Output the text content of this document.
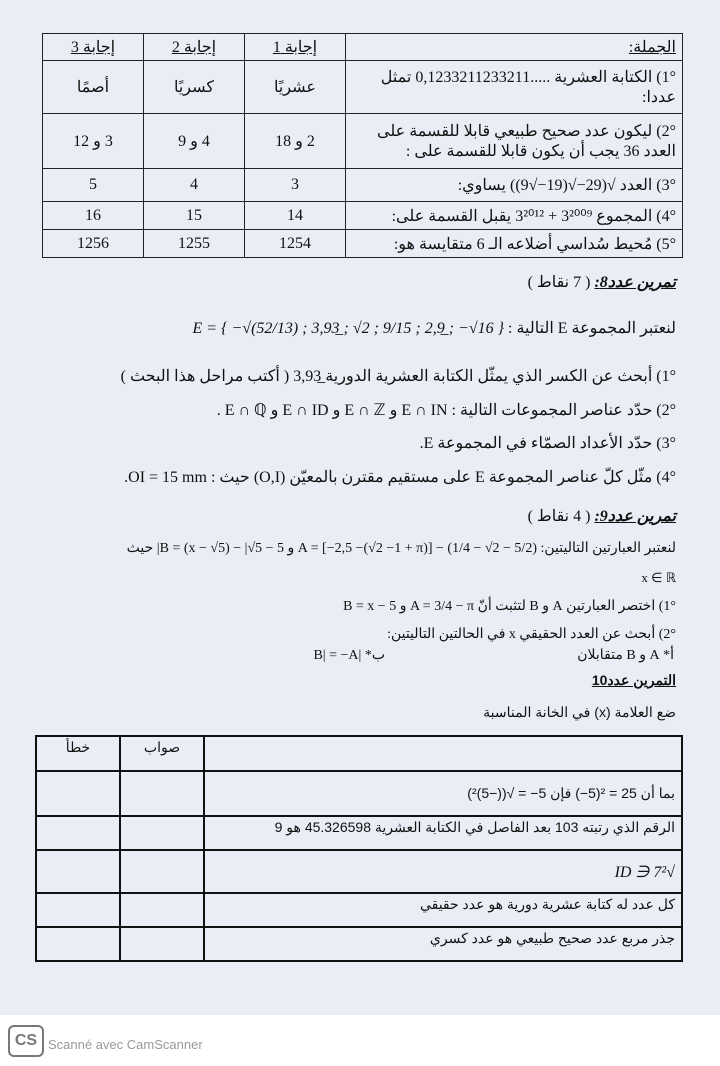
الجملة:	إجابة 1	إجابة 2	إجابة 3
1°) الكتابة العشرية .....0,1233211233211 تمثل عددا:	عشريًا	كسريًا	أصمًا
2°) ليكون عدد صحيح طبيعي قابلا للقسمة على العدد 36 يجب أن يكون قابلا للقسمة على :	2 و 18	4 و 9	3 و 12
3°) العدد √(29−√(19−√9)) يساوي:	3	4	5
4°) المجموع 3²⁰⁰⁹ + 3²⁰¹² يقبل القسمة على:	14	15	16
5°) مُحيط سُداسي أضلاعه الـ 6 متقايسة هو:	1254	1255	1256
تمرين عدد8: ( 7 نقاط )
لنعتبر المجموعة E التالية : E = { −√(52/13) ; 3,93̲ ; √2 ; 9/15 ; 2,9̲ ; −√16 }
1°) أبحث عن الكسر الذي يمثّل الكتابة العشرية الدورية 3,93̲ ( أكتب مراحل هذا البحث )
2°) حدّد عناصر المجموعات التالية : E ∩ IN و E ∩ ℤ و E ∩ ID و E ∩ ℚ .
3°) حدّد الأعداد الصمّاء في المجموعة E.
4°) مثّل كلّ عناصر المجموعة E على مستقيم مقترن بالمعيّن (O,I) حيث : OI = 15 mm.
تمرين عدد9: ( 4 نقاط )
لنعتبر العبارتين التاليتين: A = [−2,5 −(√2 −1 + π)] − (1/4 − √2 − 5/2) و B = (x − √5) − |√5 − 5| حيث
x ∈ ℝ
1°) اختصر العبارتين A و B لتثبت أنّ A = 3/4 − π و B = x − 5
2°) أبحث عن العدد الحقيقي x في الحالتين التاليتين:
أ* A و B متقابلان
ب* |B| = −A
التمرين عدد10
ضع العلامة (x) في الخانة المناسبة
	صواب	خطأ
بما أن 25 = ²(5−) فإن 5− = √((−5)²)		
الرقم الذي رتبته 103 بعد الفاصل في الكتابة العشرية 45.326598 هو 9		
√7² ∈ ID		
كل عدد له كتابة عشرية دورية هو عدد حقيقي		
جذر مربع عدد صحيح طبيعي هو عدد كسري		
CS Scanné avec CamScanner
